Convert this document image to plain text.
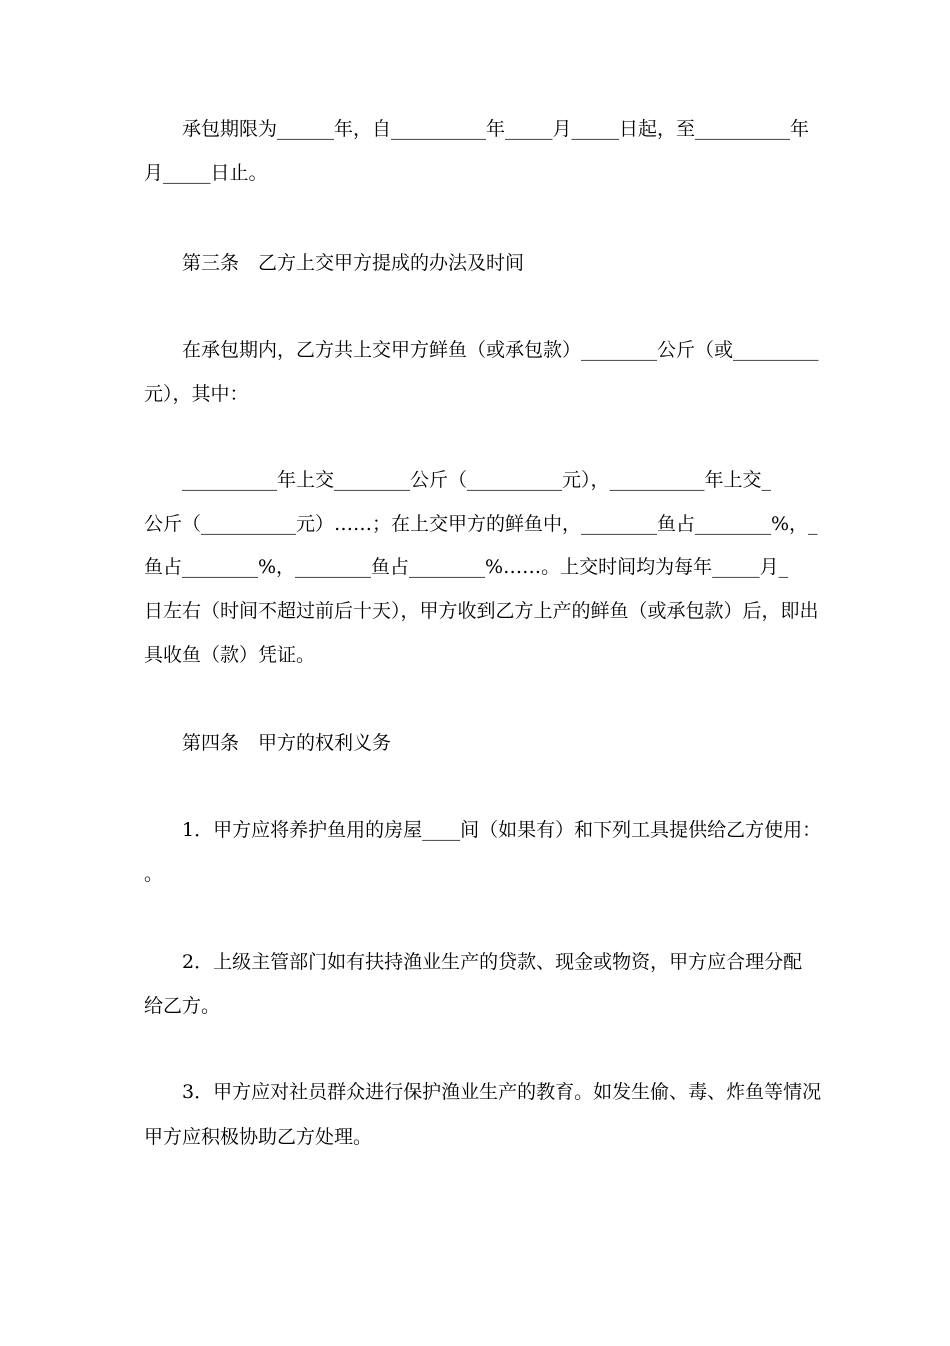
　　承包期限为______年，自__________年_____月_____日起，至__________年
月_____日止。
　　第三条　乙方上交甲方提成的办法及时间
　　在承包期内，乙方共上交甲方鲜鱼（或承包款）________公斤（或_________
元），其中：
　　__________年上交________公斤（__________元），__________年上交_
公斤（__________元）……；在上交甲方的鲜鱼中，________鱼占________%，_
鱼占________%，________鱼占________%……。上交时间均为每年_____月_
日左右（时间不超过前后十天），甲方收到乙方上产的鲜鱼（或承包款）后，即出
具收鱼（款）凭证。
　　第四条　甲方的权利义务
　　1．甲方应将养护鱼用的房屋____间（如果有）和下列工具提供给乙方使用：
。
　　2．上级主管部门如有扶持渔业生产的贷款、现金或物资，甲方应合理分配
给乙方。
　　3．甲方应对社员群众进行保护渔业生产的教育。如发生偷、毒、炸鱼等情况
甲方应积极协助乙方处理。
